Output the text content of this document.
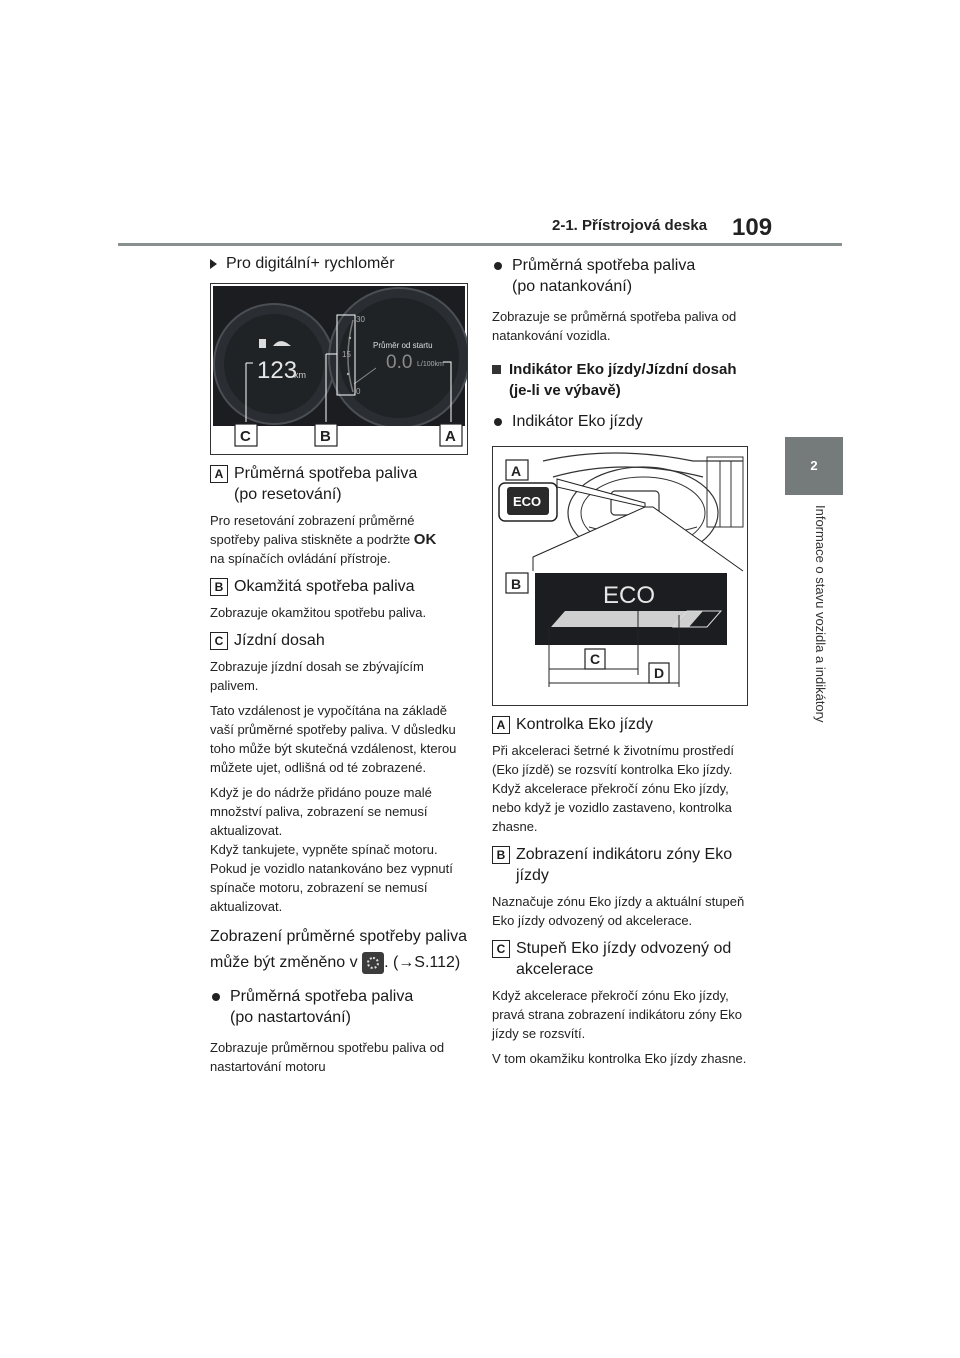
2-1. Přístrojová deska 109
2
Informace o stavu vozidla a indikátory
Pro digitální+ rychloměr
123
km
30
15
0
Průměr od startu
0.0 L/100km
C	B	A
A Průměrná spotřeba paliva
(po resetování)

Pro resetování zobrazení průměrné
spotřeby paliva stiskněte a podržte OK
na spínačích ovládání přístroje.

B Okamžitá spotřeba paliva

Zobrazuje okamžitou spotřebu paliva.

C Jízdní dosah

Zobrazuje jízdní dosah se zbývajícím palivem.

Tato vzdálenost je vypočítána na základě vaší průměrné spotřeby paliva. V důsledku toho může být skutečná vzdálenost, kterou můžete ujet, odlišná od té zobrazené.

Když je do nádrže přidáno pouze malé množství paliva, zobrazení se nemusí aktualizovat.

Když tankujete, vypněte spínač motoru. Pokud je vozidlo natankováno bez vypnutí spínače motoru, zobrazení se nemusí aktualizovat.

Zobrazení průměrné spotřeby paliva
může být změněno v . (→S.112)
Průměrná spotřeba paliva
(po nastartování)

Zobrazuje průměrnou spotřebu paliva od nastartování motoru

Průměrná spotřeba paliva
(po natankování)

Zobrazuje se průměrná spotřeba paliva od natankování vozidla.

Indikátor Eko jízdy/Jízdní dosah
(je-li ve výbavě)
Indikátor Eko jízdy
A
ECO
B	ECO
C
D
A Kontrolka Eko jízdy

Při akceleraci šetrné k životnímu prostředí (Eko jízdě) se rozsvítí kontrolka Eko jízdy. Když akcelerace překročí zónu Eko jízdy, nebo když je vozidlo zastaveno, kontrolka zhasne.

B Zobrazení indikátoru zóny Eko
jízdy

Naznačuje zónu Eko jízdy a aktuální stupeň Eko jízdy odvozený od akcelerace.

C Stupeň Eko jízdy odvozený od
akcelerace

Když akcelerace překročí zónu Eko jízdy, pravá strana zobrazení indikátoru zóny Eko jízdy se rozsvítí.

V tom okamžiku kontrolka Eko jízdy zhasne.
